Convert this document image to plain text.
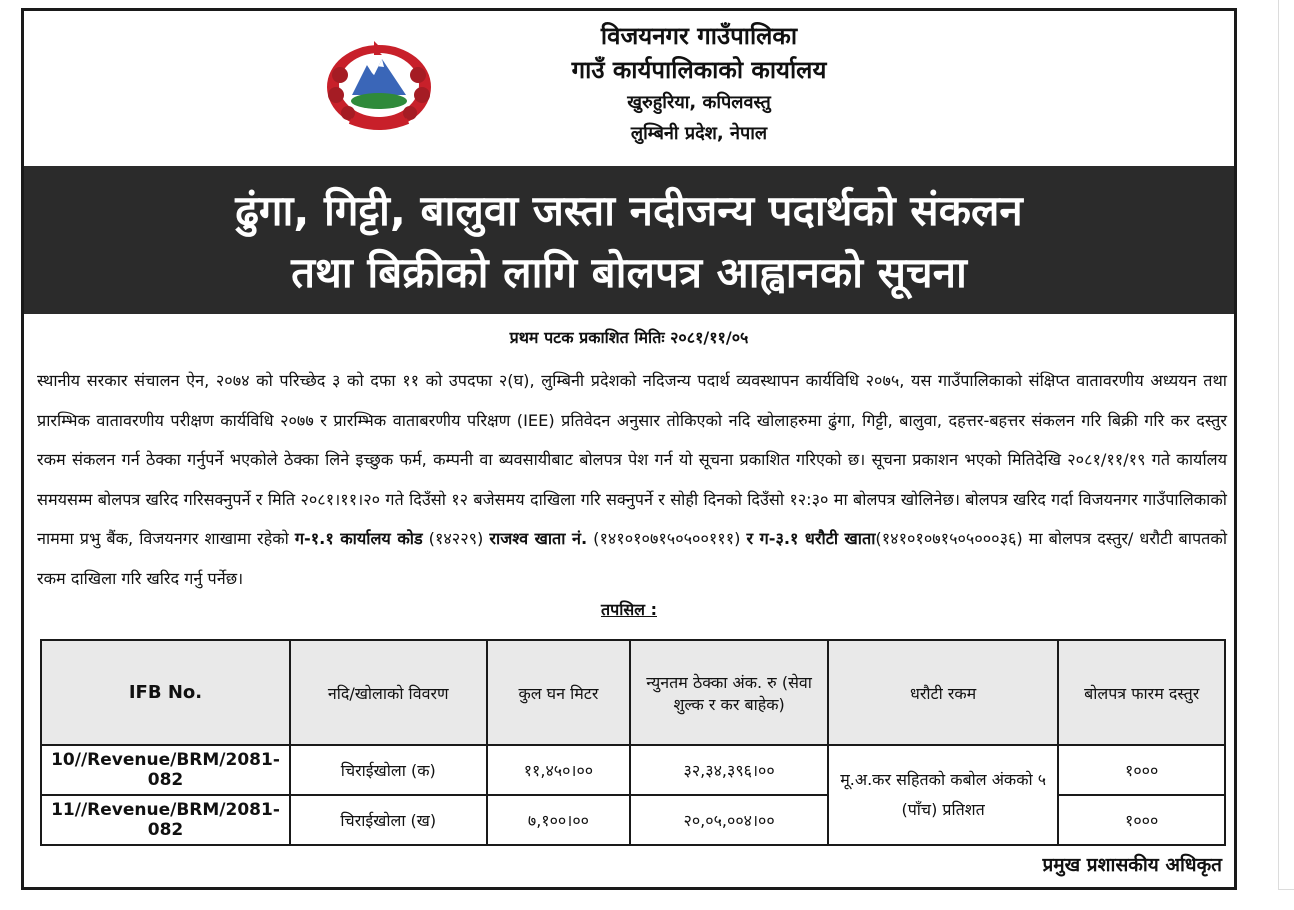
विजयनगर गाउँपालिका
गाउँ कार्यपालिकाको कार्यालय
खुरुहुरिया, कपिलवस्तु
लुम्बिनी प्रदेश, नेपाल
ढुंगा, गिट्टी, बालुवा जस्ता नदीजन्य पदार्थको संकलन
तथा बिक्रीको लागि बोलपत्र आह्वानको सूचना
प्रथम पटक प्रकाशित मितिः २०८१/११/०५
स्थानीय सरकार संचालन ऐन, २०७४ को परिच्छेद ३ को दफा ११ को उपदफा २(घ), लुम्बिनी प्रदेशको नदिजन्य पदार्थ व्यवस्थापन कार्यविधि २०७५, यस गाउँपालिकाको संक्षिप्त वातावरणीय अध्ययन तथा प्रारम्भिक वातावरणीय परीक्षण कार्यविधि २०७७ र प्रारम्भिक वाताबरणीय परिक्षण (IEE) प्रतिवेदन अनुसार तोकिएको नदि खोलाहरुमा ढुंगा, गिट्टी, बालुवा, दहत्तर-बहत्तर संकलन गरि बिक्री गरि कर दस्तुर रकम संकलन गर्न ठेक्का गर्नुपर्ने भएकोले ठेक्का लिने इच्छुक फर्म, कम्पनी वा ब्यवसायीबाट बोलपत्र पेश गर्न यो सूचना प्रकाशित गरिएको छ। सूचना प्रकाशन भएको मितिदेखि २०८१/११/१९ गते कार्यालय समयसम्म बोलपत्र खरिद गरिसक्नुपर्ने र मिति २०८१।११।२० गते दिउँसो १२ बजेसमय दाखिला गरि सक्नुपर्ने र सोही दिनको दिउँसो १२:३० मा बोलपत्र खोलिनेछ। बोलपत्र खरिद गर्दा विजयनगर गाउँपालिकाको नाममा प्रभु बैंक, विजयनगर शाखामा रहेको ग-१.१ कार्यालय कोड (१४२२९) राजश्व खाता नं. (१४१०१०७१५०५००१११) र ग-३.१ धरौटी खाता(१४१०१०७१५०५०००३६) मा बोलपत्र दस्तुर/ धरौटी बापतको रकम दाखिला गरि खरिद गर्नु पर्नेछ।
तपसिल :
IFB No.	नदि/खोलाको विवरण	कुल घन मिटर	न्युनतम ठेक्का अंक. रु (सेवा शुल्क र कर बाहेक)	धरौटी रकम	बोलपत्र फारम दस्तुर
10//Revenue/BRM/2081-082	चिराईखोला (क)	११,४५०।००	३२,३४,३९६।००	मू.अ.कर सहितको कबोल अंकको ५ (पाँच) प्रतिशत	१०००
11//Revenue/BRM/2081-082	चिराईखोला (ख)	७,१००।००	२०,०५,००४।००		१०००
प्रमुख प्रशासकीय अधिकृत
